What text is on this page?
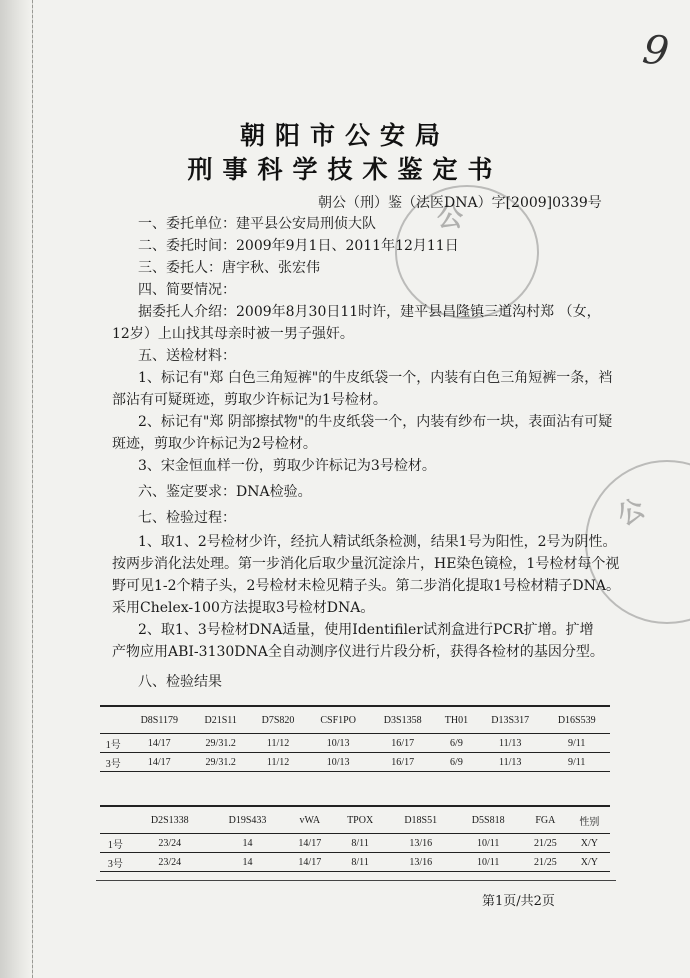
9
公
公
朝阳市公安局
刑事科学技术鉴定书
朝公（刑）鉴（法医DNA）字[2009]0339号
一、委托单位：建平县公安局刑侦大队
二、委托时间：2009年9月1日、2011年12月11日
三、委托人：唐宇秋、张宏伟
四、简要情况：
据委托人介绍：2009年8月30日11时许，建平县昌隆镇三道沟村郑 （女，
12岁）上山找其母亲时被一男子强奸。
五、送检材料：
1、标记有"郑 白色三角短裤"的牛皮纸袋一个，内装有白色三角短裤一条，裆
部沾有可疑斑迹，剪取少许标记为1号检材。
2、标记有"郑 阴部擦拭物"的牛皮纸袋一个，内装有纱布一块，表面沾有可疑
斑迹，剪取少许标记为2号检材。
3、宋金恒血样一份，剪取少许标记为3号检材。
六、鉴定要求：DNA检验。
七、检验过程：
1、取1、2号检材少许，经抗人精试纸条检测，结果1号为阳性，2号为阴性。
按两步消化法处理。第一步消化后取少量沉淀涂片，HE染色镜检，1号检材每个视
野可见1-2个精子头，2号检材未检见精子头。第二步消化提取1号检材精子DNA。
采用Chelex-100方法提取3号检材DNA。
2、取1、3号检材DNA适量，使用Identifiler试剂盒进行PCR扩增。扩增
产物应用ABI-3130DNA全自动测序仪进行片段分析，获得各检材的基因分型。
八、检验结果
	D8S1179	D21S11	D7S820	CSF1PO	D3S1358	TH01	D13S317	D16S539
1号	14/17	29/31.2	11/12	10/13	16/17	6/9	11/13	9/11
3号	14/17	29/31.2	11/12	10/13	16/17	6/9	11/13	9/11
	D2S1338	D19S433	vWA	TPOX	D18S51	D5S818	FGA	性别
1号	23/24	14	14/17	8/11	13/16	10/11	21/25	X/Y
3号	23/24	14	14/17	8/11	13/16	10/11	21/25	X/Y
第1页/共2页
